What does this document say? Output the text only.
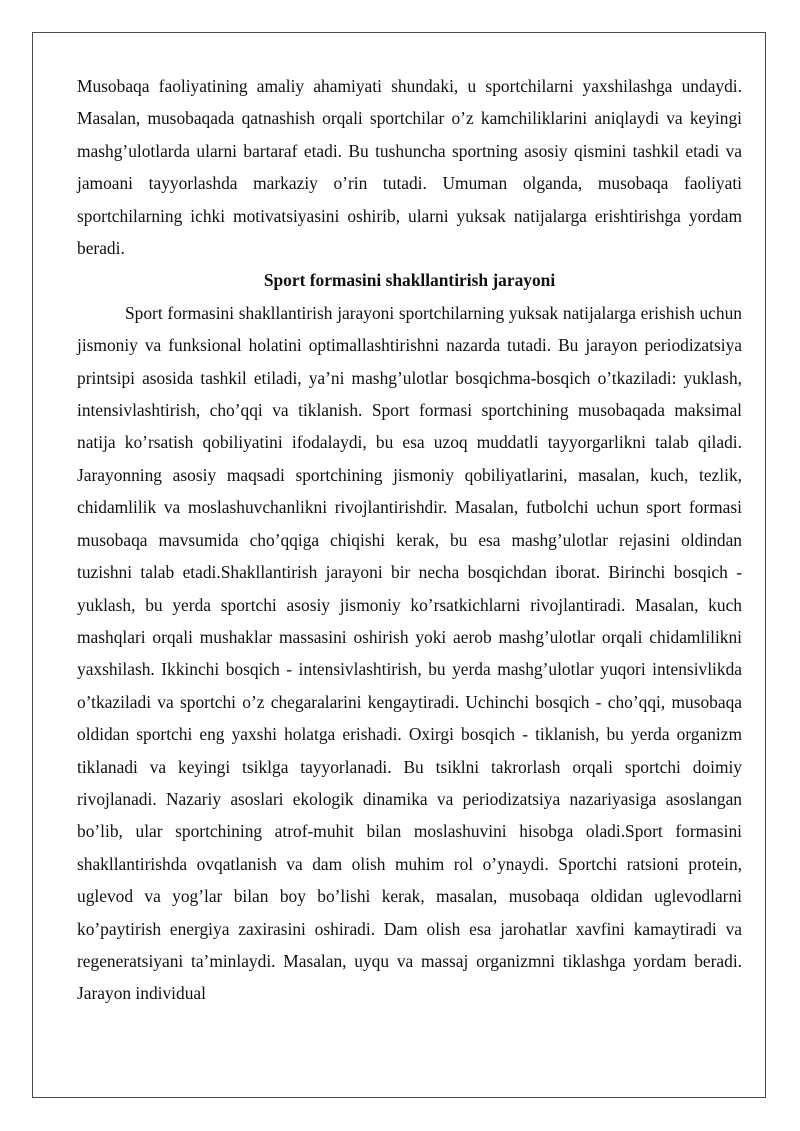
Musobaqa faoliyatining amaliy ahamiyati shundaki, u sportchilarni yaxshilashga undaydi. Masalan, musobaqada qatnashish orqali sportchilar o’z kamchiliklarini aniqlaydi va keyingi mashg’ulotlarda ularni bartaraf etadi. Bu tushuncha sportning asosiy qismini tashkil etadi va jamoani tayyorlashda markaziy o’rin tutadi. Umuman olganda, musobaqa faoliyati sportchilarning ichki motivatsiyasini oshirib, ularni yuksak natijalarga erishtirishga yordam beradi.

Sport formasini shakllantirish jarayoni

Sport formasini shakllantirish jarayoni sportchilarning yuksak natijalarga erishish uchun jismoniy va funksional holatini optimallashtirishni nazarda tutadi. Bu jarayon periodizatsiya printsipi asosida tashkil etiladi, ya’ni mashg’ulotlar bosqichma-bosqich o’tkaziladi: yuklash, intensivlashtirish, cho’qqi va tiklanish. Sport formasi sportchining musobaqada maksimal natija ko’rsatish qobiliyatini ifodalaydi, bu esa uzoq muddatli tayyorgarlikni talab qiladi. Jarayonning asosiy maqsadi sportchining jismoniy qobiliyatlarini, masalan, kuch, tezlik, chidamlilik va moslashuvchanlikni rivojlantirishdir. Masalan, futbolchi uchun sport formasi musobaqa mavsumida cho’qqiga chiqishi kerak, bu esa mashg’ulotlar rejasini oldindan tuzishni talab etadi.Shakllantirish jarayoni bir necha bosqichdan iborat. Birinchi bosqich - yuklash, bu yerda sportchi asosiy jismoniy ko’rsatkichlarni rivojlantiradi. Masalan, kuch mashqlari orqali mushaklar massasini oshirish yoki aerob mashg’ulotlar orqali chidamlilikni yaxshilash. Ikkinchi bosqich - intensivlashtirish, bu yerda mashg’ulotlar yuqori intensivlikda o’tkaziladi va sportchi o’z chegaralarini kengaytiradi. Uchinchi bosqich - cho’qqi, musobaqa oldidan sportchi eng yaxshi holatga erishadi. Oxirgi bosqich - tiklanish, bu yerda organizm tiklanadi va keyingi tsiklga tayyorlanadi. Bu tsiklni takrorlash orqali sportchi doimiy rivojlanadi. Nazariy asoslari ekologik dinamika va periodizatsiya nazariyasiga asoslangan bo’lib, ular sportchining atrof-muhit bilan moslashuvini hisobga oladi.Sport formasini shakllantirishda ovqatlanish va dam olish muhim rol o’ynaydi. Sportchi ratsioni protein, uglevod va yog’lar bilan boy bo’lishi kerak, masalan, musobaqa oldidan uglevodlarni ko’paytirish energiya zaxirasini oshiradi. Dam olish esa jarohatlar xavfini kamaytiradi va regeneratsiyani ta’minlaydi. Masalan, uyqu va massaj organizmni tiklashga yordam beradi. Jarayon individual
